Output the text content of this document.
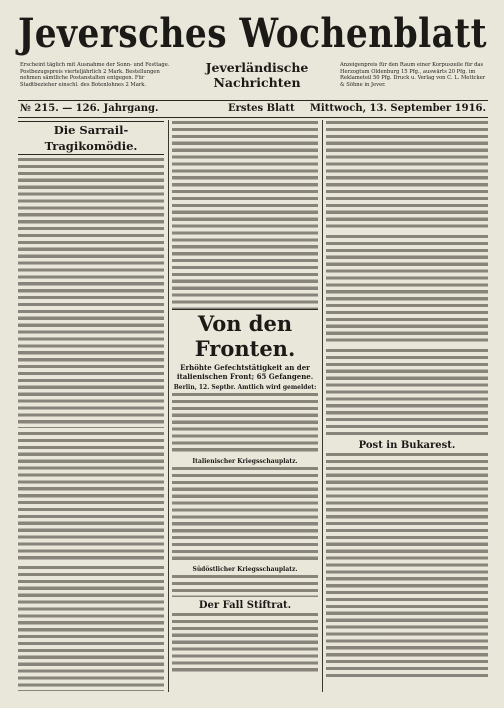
Jeversches Wochenblatt
Erscheint täglich mit Ausnahme der Sonn- und Festtage. Postbezugspreis vierteljährlich 2 Mark. Bestellungen nehmen sämtliche Postanstalten entgegen. Für Stadtbezieher einschl. des Botenlohnes 2 Mark.
Jeverländische
Nachrichten
Anzeigenpreis für den Raum einer Korpuszeile für das Herzogtum Oldenburg 15 Pfg., auswärts 20 Pfg. im Reklameteil 50 Pfg. Druck u. Verlag von C. L. Mettcker & Söhne in Jever.
№ 215. — 126. Jahrgang.	Erstes Blatt Mittwoch, 13. September 1916.
Die Sarrail-Tragikomödie.
Von den Fronten.
Erhöhte Gefechtstätigkeit an der italienischen Front; 65 Gefangene.
Berlin, 12. Septbr. Amtlich wird gemeldet:
Italienischer Kriegsschauplatz.
Südöstlicher Kriegsschauplatz.
Der Fall Stiftrat.
Post in Bukarest.
